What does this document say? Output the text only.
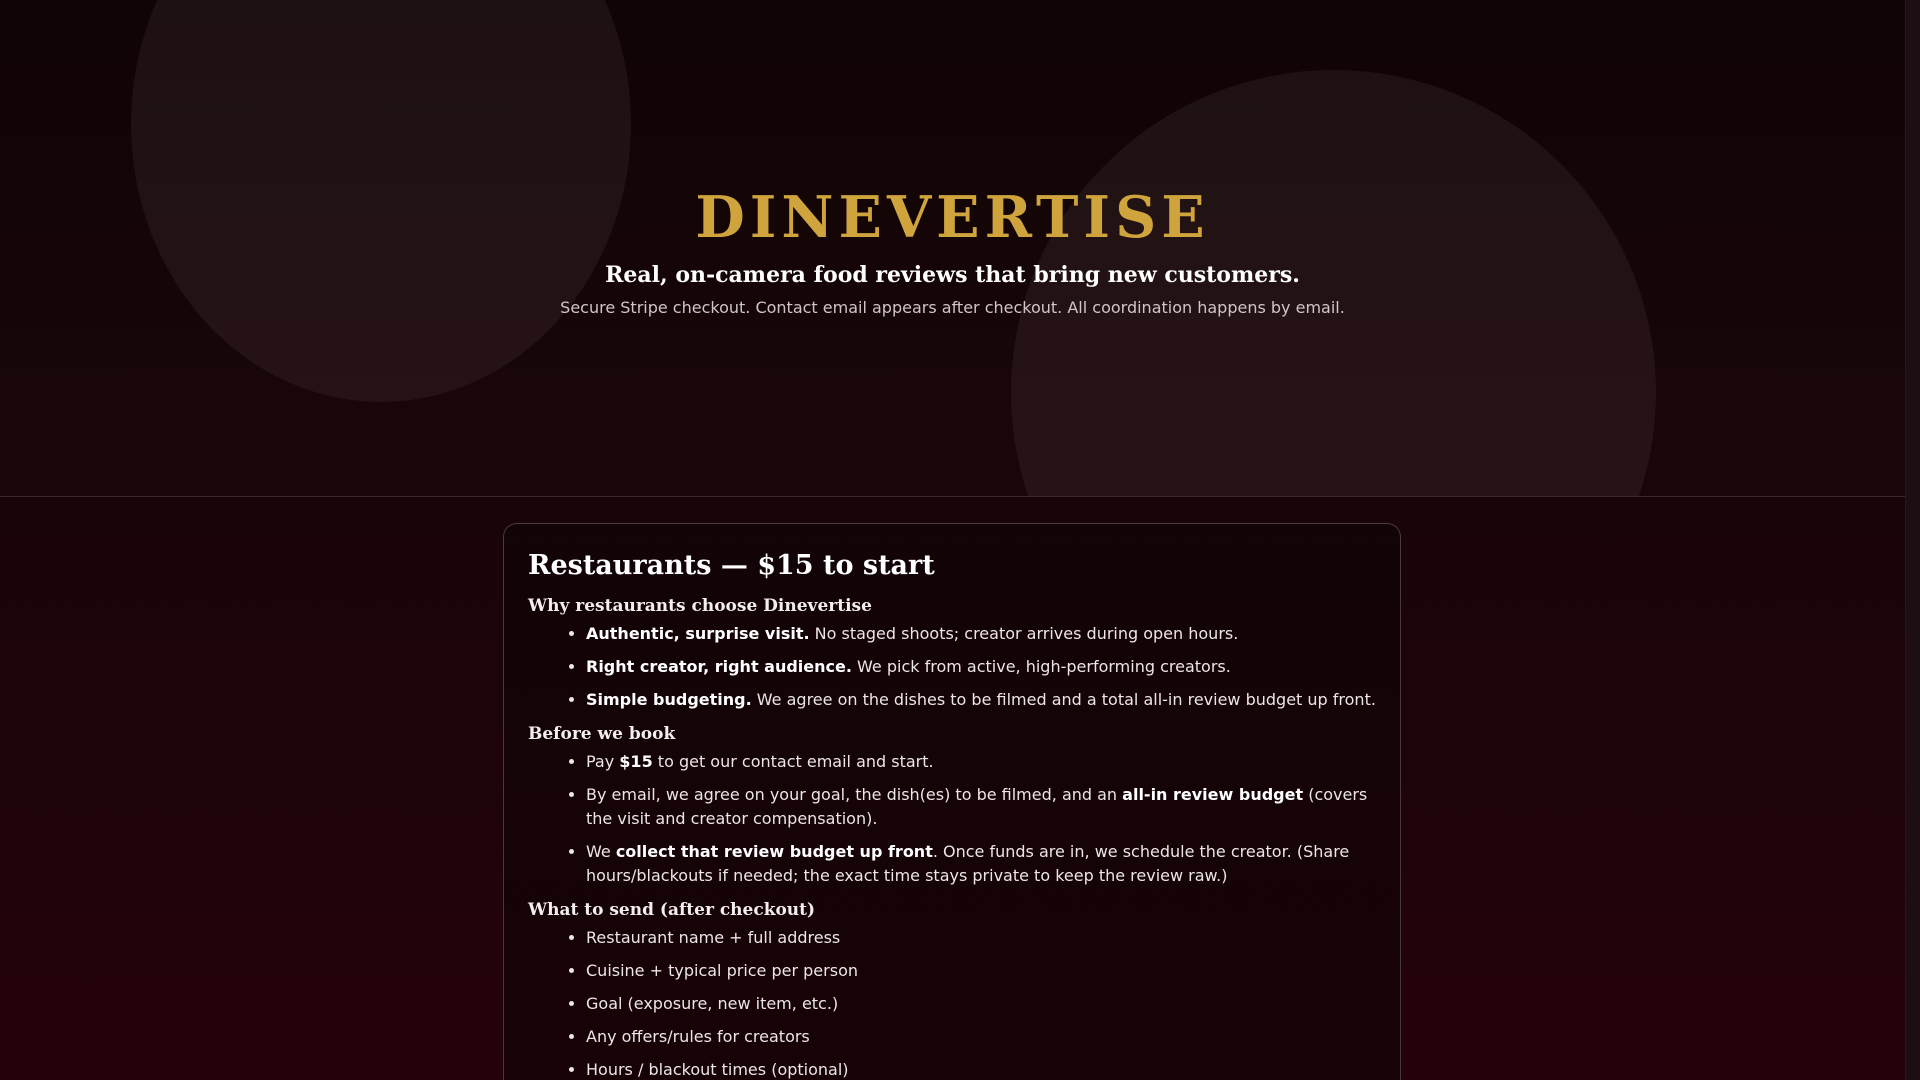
DINEVERTISE

Real, on-camera food reviews that bring new customers.

Secure Stripe checkout. Contact email appears after checkout. All coordination happens by email.

Restaurants — $15 to start
Why restaurants choose Dinevertise
• Authentic, surprise visit. No staged shoots; creator arrives during open hours.
• Right creator, right audience. We pick from active, high-performing creators.
• Simple budgeting. We agree on the dishes to be filmed and a total all-in review budget up front.
Before we book
• Pay $15 to get our contact email and start.
• By email, we agree on your goal, the dish(es) to be filmed, and an all-in review budget (covers the visit and creator compensation).
• We collect that review budget up front. Once funds are in, we schedule the creator. (Share hours/blackouts if needed; the exact time stays private to keep the review raw.)
What to send (after checkout)
• Restaurant name + full address
• Cuisine + typical price per person
• Goal (exposure, new item, etc.)
• Any offers/rules for creators
• Hours / blackout times (optional)
